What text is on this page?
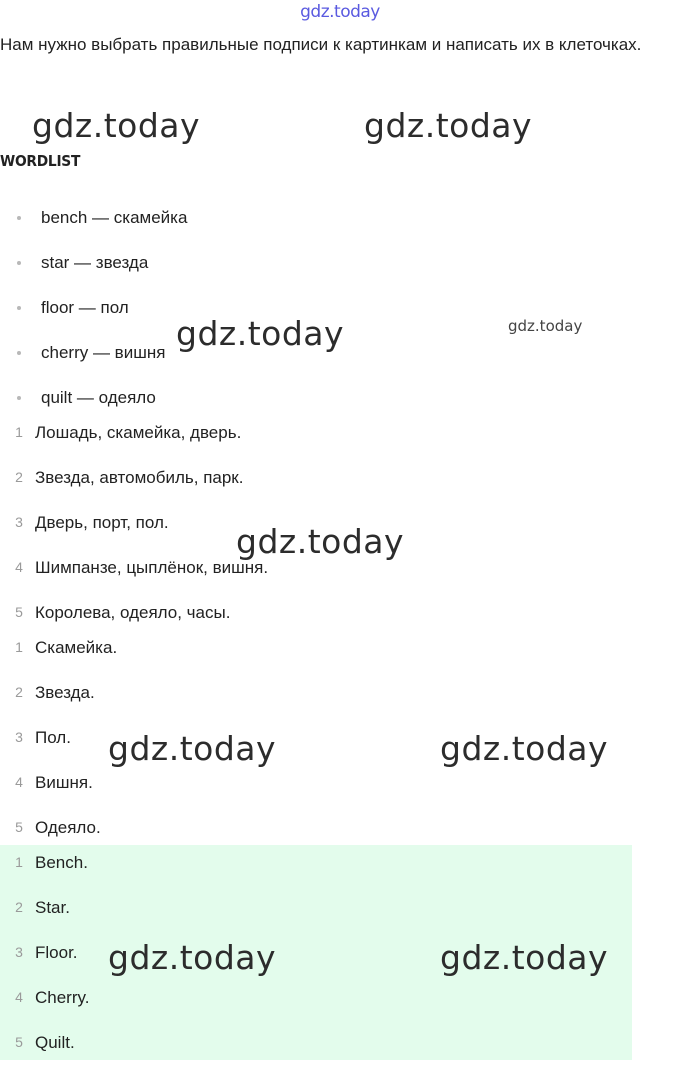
gdz.today
Нам нужно выбрать правильные подписи к картинкам и написать их в клеточках.
gdz.today	gdz.today
WORDLIST
bench — скамейка
star — звезда
floor — пол
cherry — вишня
quilt — одеяло
gdz.today	gdz.today
1 Лошадь, скамейка, дверь.
2 Звезда, автомобиль, парк.
3 Дверь, порт, пол.
4 Шимпанзе, цыплёнок, вишня.
5 Королева, одеяло, часы.
gdz.today
1 Скамейка.
2 Звезда.
3 Пол.
4 Вишня.
5 Одеяло.
gdz.today	gdz.today
1 Bench.
2 Star.
3 Floor.
4 Cherry.
5 Quilt.
gdz.today	gdz.today
